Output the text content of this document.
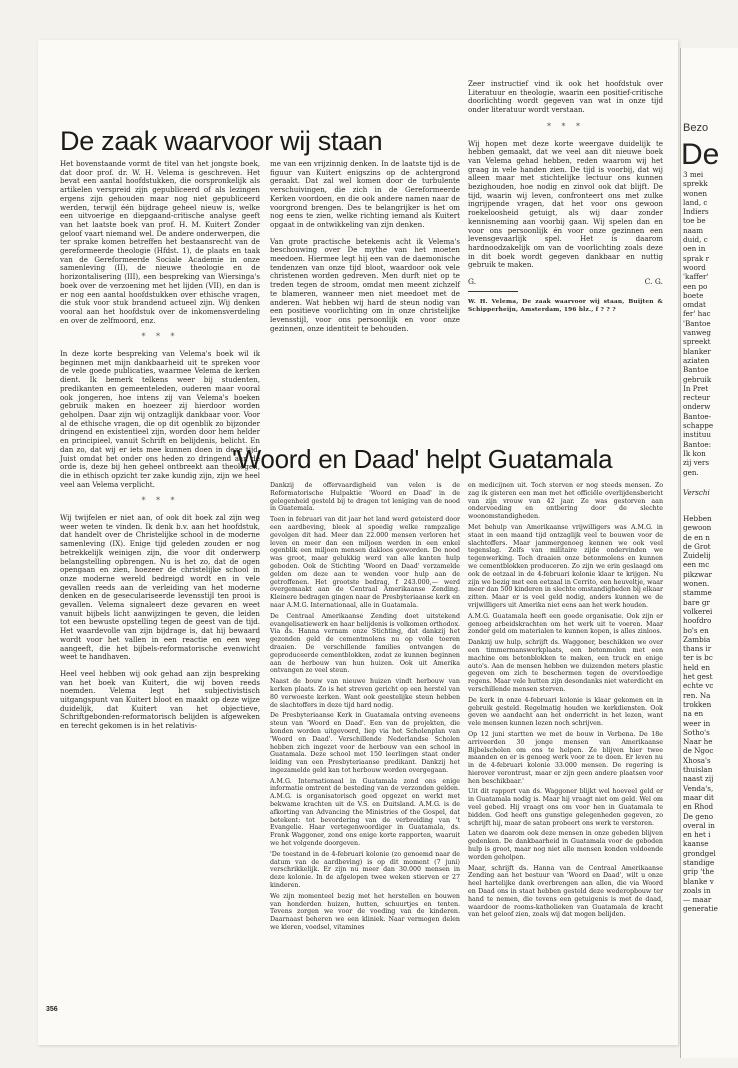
De zaak waarvoor wij staan

Het bovenstaande vormt de titel van het jongste boek, dat door prof. dr. W. H. Velema is geschreven. Het bevat een aantal hoofdstukken, die oorspronkelijk als artikelen verspreid zijn gepubliceerd of als lezingen ergens zijn gehouden maar nog niet gepubliceerd werden, terwijl één bijdrage geheel nieuw is, welke een uitvoerige en diepgaand-critische analyse geeft van het laatste boek van prof. H. M. Kuitert Zonder geloof vaart niemand wel. De andere onderwerpen, die ter sprake komen betreffen het bestaansrecht van de gereformeerde theologie (Hfdst. 1), de plaats en taak van de Gereformeerde Sociale Academie in onze samenleving (II), de nieuwe theologie en de horizontalisering (III), een bespreking van Wiersinga's boek over de verzoening met het lijden (VII), en dan is er nog een aantal hoofdstukken over ethische vragen, die stuk voor stuk brandend actueel zijn. Wij denken vooral aan het hoofdstuk over de inkomensverdeling en over de zelfmoord, enz.

* * *

In deze korte bespreking van Velema's boek wil ik beginnen met mijn dankbaarheid uit te spreken voor de vele goede publicaties, waarmee Velema de kerken dient. Ik bemerk telkens weer bij studenten, predikanten en gemeenteleden, ouderen maar vooral ook jongeren, hoe intens zij van Velema's boeken gebruik maken en hoezeer zij hierdoor worden geholpen. Daar zijn wij ontzaglijk dankbaar voor. Voor al de ethische vragen, die op dit ogenblik zo bijzonder dringend en existentieel zijn, worden door hem helder en principieel, vanuit Schrift en belijdenis, belicht. En dan zo, dat wij er iets mee kunnen doen in deze tijd. Juist omdat het onder ons heden zo dringend aan de orde is, deze bij hen geheel ontbreekt aan theologen, die in ethisch opzicht ter zake kundig zijn, zijn we heel veel aan Velema verplicht.

* * *

Wij twijfelen er niet aan, of ook dit boek zal zijn weg weer weten te vinden. Ik denk b.v. aan het hoofdstuk, dat handelt over de Christelijke school in de moderne samenleving (IX). Enige tijd geleden zouden er nog betrekkelijk weinigen zijn, die voor dit onderwerp belangstelling opbrengen. Nu is het zo, dat de ogen opengaan en zien, hoezeer de christelijke school in onze moderne wereld bedreigd wordt en in vele gevallen reeds aan de verleiding van het moderne denken en de geseculariseerde levensstijl ten prooi is gevallen. Velema signaleert deze gevaren en weet vanuit bijbels licht aanwijzingen te geven, die leiden tot een bewuste opstelling tegen de geest van de tijd. Het waardevolle van zijn bijdrage is, dat hij bewaard wordt voor het vallen in een reactie en een weg aangeeft, die het bijbels-reformatorische evenwicht weet te handhaven.

Heel veel hebben wij ook gehad aan zijn bespreking van het boek van Kuitert, die wij boven reeds noemden. Velema legt het subjectivistisch uitgangspunt van Kuitert bloot en maakt op deze wijze duidelijk, dat Kuitert van het objectieve, Schriftgebonden-reformatorisch belijden is afgeweken en terecht gekomen is in het relativis-

me van een vrijzinnig denken. In de laatste tijd is de figuur van Kuitert enigszins op de achtergrond geraakt. Dat zal wel komen door de turbulente verschuivingen, die zich in de Gereformeerde Kerken voordoen, en die ook andere namen naar de voorgrond brengen. Des te belangrijker is het om nog eens te zien, welke richting iemand als Kuitert opgaat in de ontwikkeling van zijn denken.

Van grote practische betekenis acht ik Velema's beschouwing over De mythe van het moeten meedoen. Hiermee legt hij een van de daemonische tendenzen van onze tijd bloot, waardoor ook vele christenen worden gedreven. Men durft niet op te treden tegen de stroom, omdat men meent zichzelf te blameren, wanneer men niet meedoet met de anderen. Wat hebben wij hard de steun nodig van een positieve voorlichting om in onze christelijke levensstijl, voor ons persoonlijk en voor onze gezinnen, onze identiteit te behouden.

Zeer instructief vind ik ook het hoofdstuk over Literatuur en theologie, waarin een positief-critische doorlichting wordt gegeven van wat in onze tijd onder literatuur wordt verstaan.

* * *

Wij hopen met deze korte weergave duidelijk te hebben gemaakt, dat we veel aan dit nieuwe boek van Velema gehad hebben, reden waarom wij het graag in vele handen zien. De tijd is voorbij, dat wij alleen maar met stichtelijke lectuur ons kunnen bezighouden, hoe nodig en zinvol ook dat blijft. De tijd, waarin wij leven, confronteert ons met zulke ingrijpende vragen, dat het voor ons gewoon roekeloosheid getuigt, als wij daar zonder kennisneming aan voorbij gaan. Wij spelen dan en voor ons persoonlijk én voor onze gezinnen een levensgevaarlijk spel. Het is daarom hardnoodzakelijk om van de voorlichting zoals deze in dit boek wordt gegeven dankbaar en nuttig gebruik te maken.

G.	C. G.
W. H. Velema, De zaak waarvoor wij staan, Buijten & Schipperheijn, Amsterdam, 196 blz., f ? ? ?
'Woord en Daad' helpt Guatamala

Dankzij de offervaardigheid van velen is de Reformatorische Hulpaktie 'Woord en Daad' in de gelegenheid gesteld bij te dragen tot leniging van de nood in Guatemala.

Toen in februari van dit jaar het land werd geteisterd door een aardbeving, bleek al spoedig welke rampzalige gevolgen dit had. Meer dan 22.000 mensen verloren het leven en meer dan een miljoen werden in een enkel ogenblik een miljoen mensen dakloos geworden. De nood was groot, maar gelukkig werd van alle kanten hulp geboden. Ook de Stichting 'Woord en Daad' verzamelde gelden om deze aan te wenden voor hulp aan de getroffenen. Het grootste bedrag, f 243.000,— werd overgemaakt aan de Centraal Amerikaanse Zending. Kleinere bedragen gingen naar de Presbyteriaanse kerk en naar A.M.G. Internationaal, alle in Guatamala.

De Centraal Amerikaanse Zending doet uitstekend evangelisatiewerk en haar belijdenis is volkomen orthodox. Via ds. Hanna vernam onze Stichting, dat dankzij het gezonden geld de cementmolens nu op volle toeren draaien. De verschillende families ontvangen de geproduceerde cementblokken, zodat ze kunnen beginnen aan de herbouw van hun huizen. Ook uit Amerika ontvangen ze veel steun.

Naast de bouw van nieuwe huizen vindt herbouw van kerken plaats. Zo is het streven gericht op een herstel van 80 verwoeste kerken. Want ook geestelijke steun hebben de slachtoffers in deze tijd hard nodig.

De Presbyteriaanse Kerk in Guatamala ontving eveneens steun van 'Woord en Daad'. Een van de projekten, die konden worden uitgevoerd, liep via het Scholenplan van 'Woord en Daad'. Verschillende Nederlandse Scholen hebben zich ingezet voor de herbouw van een school in Guatamala. Deze school met 150 leerlingen staat onder leiding van een Presbyteriaanse predikant. Dankzij het ingezamelde geld kan tot herbouw worden overgegaan.

A.M.G. Internationaal in Guatamala zond ons enige informatie omtrent de besteding van de verzonden gelden. A.M.G. is organisatorisch goed opgezet en werkt met bekwame krachten uit de V.S. en Duitsland. A.M.G. is de afkorting van Advancing the Ministries of the Gospel, dat betekent: tot bevordering van de verbreiding van 't Evangelie. Haar vertegenwoordiger in Guatamala, ds. Frank Waggoner, zond ons enige korte rapporten, waaruit we het volgende doorgeven.

'De toestand in de 4-februari kolonie (zo genoemd naar de datum van de aardbeving) is op dit moment (7 juni) verschrikkelijk. Er zijn nu meer dan 30.000 mensen in deze kolonie. In de afgelopen twee weken stierven er 27 kinderen.

We zijn momenteel bezig met het herstellen en bouwen van honderden huizen, hutten, schuurtjes en tenten. Tevens zorgen we voor de voeding van de kinderen. Daarnaast beheren we een kliniek. Naar vermogen delen we kleren, voedsel, vitamines

en medicijnen uit. Toch sterven er nog steeds mensen. Zo zag ik gisteren een man met het officiële overlijdensbericht van zijn vrouw van 42 jaar. Ze was gestorven aan ondervoeding en ontbering door de slechte woonomstandigheden.

Met behulp van Amerikaanse vrijwilligers was A.M.G. in staat in een maand tijd ontzaglijk veel te bouwen voor de slachtoffers. Maar jammergenoeg kennen we ook veel tegenslag. Zelfs van militaire zijde ondervinden we tegenwerking. Toch draaien onze betonmolens en kunnen we cementblokken produceren. Zo zijn we erin geslaagd om ook de eetzaal in de 4-februari kolonie klaar te krijgen. Nu zijn we bezig met een eetzaal in Cerrito, een heuveltje, waar meer dan 500 kinderen in slechte omstandigheden bij elkaar zitten. Maar er is veel geld nodig, anders kunnen we de vrijwilligers uit Amerika niet eens aan het werk houden.

A.M.G. Guatamala heeft een goede organisatie. Ook zijn er genoeg arbeidskrachten om het werk uit te voeren. Maar zonder geld om materialen te kunnen kopen, is alles zinloos.

Dankzij uw hulp, schrijft ds. Waggoner, beschikken we over een timmermanswerkplaats, een betonmolen met een machine om betonblokken te maken, een truck en enige auto's. Aan de mensen hebben we duizenden meters plastic gegeven om zich te beschermen tegen de overvloedige regens. Maar vele hutten zijn desondanks niet waterdicht en verschillende mensen sterven.

De kerk in onze 4-februari kolonie is klaar gekomen en in gebruik gesteld. Regelmatig houden we kerkdiensten. Ook geven we aandacht aan het onderricht in het lezen, want vele mensen kunnen lezen noch schrijven.

Op 12 juni startten we met de bouw in Verbena. De 18e arriveerden 30 jonge mensen van Amerikaanse Bijbelscholen om ons te helpen. Ze blijven hier twee maanden en er is genoeg werk voor ze te doen. Er leven nu in de 4-februari kolonie 33.000 mensen. De regering is hierover verontrust, maar er zijn geen andere plaatsen voor hen beschikbaar.'

Uit dit rapport van ds. Waggoner blijkt wel hoeveel geld er in Guatamala nodig is. Maar hij vraagt niet om geld. Wel om veel gebed. Hij vraagt ons om voor hen in Guatamala te bidden. God heeft ons gunstige gelegenheden gegeven, zo schrijft hij, maar de satan probeert ons werk te verstoren.

Laten we daarom ook deze mensen in onze gebeden blijven gedenken. De dankbaarheid in Guatamala voor de geboden hulp is groot, maar nog niet alle mensen konden voldoende worden geholpen.

Maar, schrijft ds. Hanna van de Centraal Amerikaanse Zending aan het bestuur van 'Woord en Daad', wilt u onze heel hartelijke dank overbrengen aan allen, die via Woord en Daad ons in staat hebben gesteld deze wederopbouw ter hand te nemen, die tevens een getuigenis is met de daad, waardoor de rooms-katholieken van Guatamala de kracht van het geloof zien, zoals wij dat mogen belijden.

356
Bezo
De
3 mei
sprekk
wonen
land, c
Indiers
toe be
naam
duid, c
oen in
sprak r
woord
'kaffer'
een po
boete
omdat
fer' hac
'Bantoe
vanweg
spreekt
blanker
aziaten
Bantoe
gebruik
In Pret
recteur
onderw
Bantoe-
schappe
instituu
Bantoe:
Ik kon
zij vers
gen.
Verschi
Hebben
gewoon
de en n
de Grot
Zuidelij
een mc
pikzwar
wonen.
stamme
bare gr
volkerei
hoofdro
bo's en
Zambia
thans ir
ter is bc
held en
het gest
echte vc
ren. Na
trokken
na en
weer in
Sotho's
Naar he
de Ngoc
Xhosa's
thuislan
naast zij
Venda's,
maar dit
en Rhod
De geno
overal in
en het i
kaanse
grondgel
standige
grip 'the
blanke v
zoals in
— maar
generatie
